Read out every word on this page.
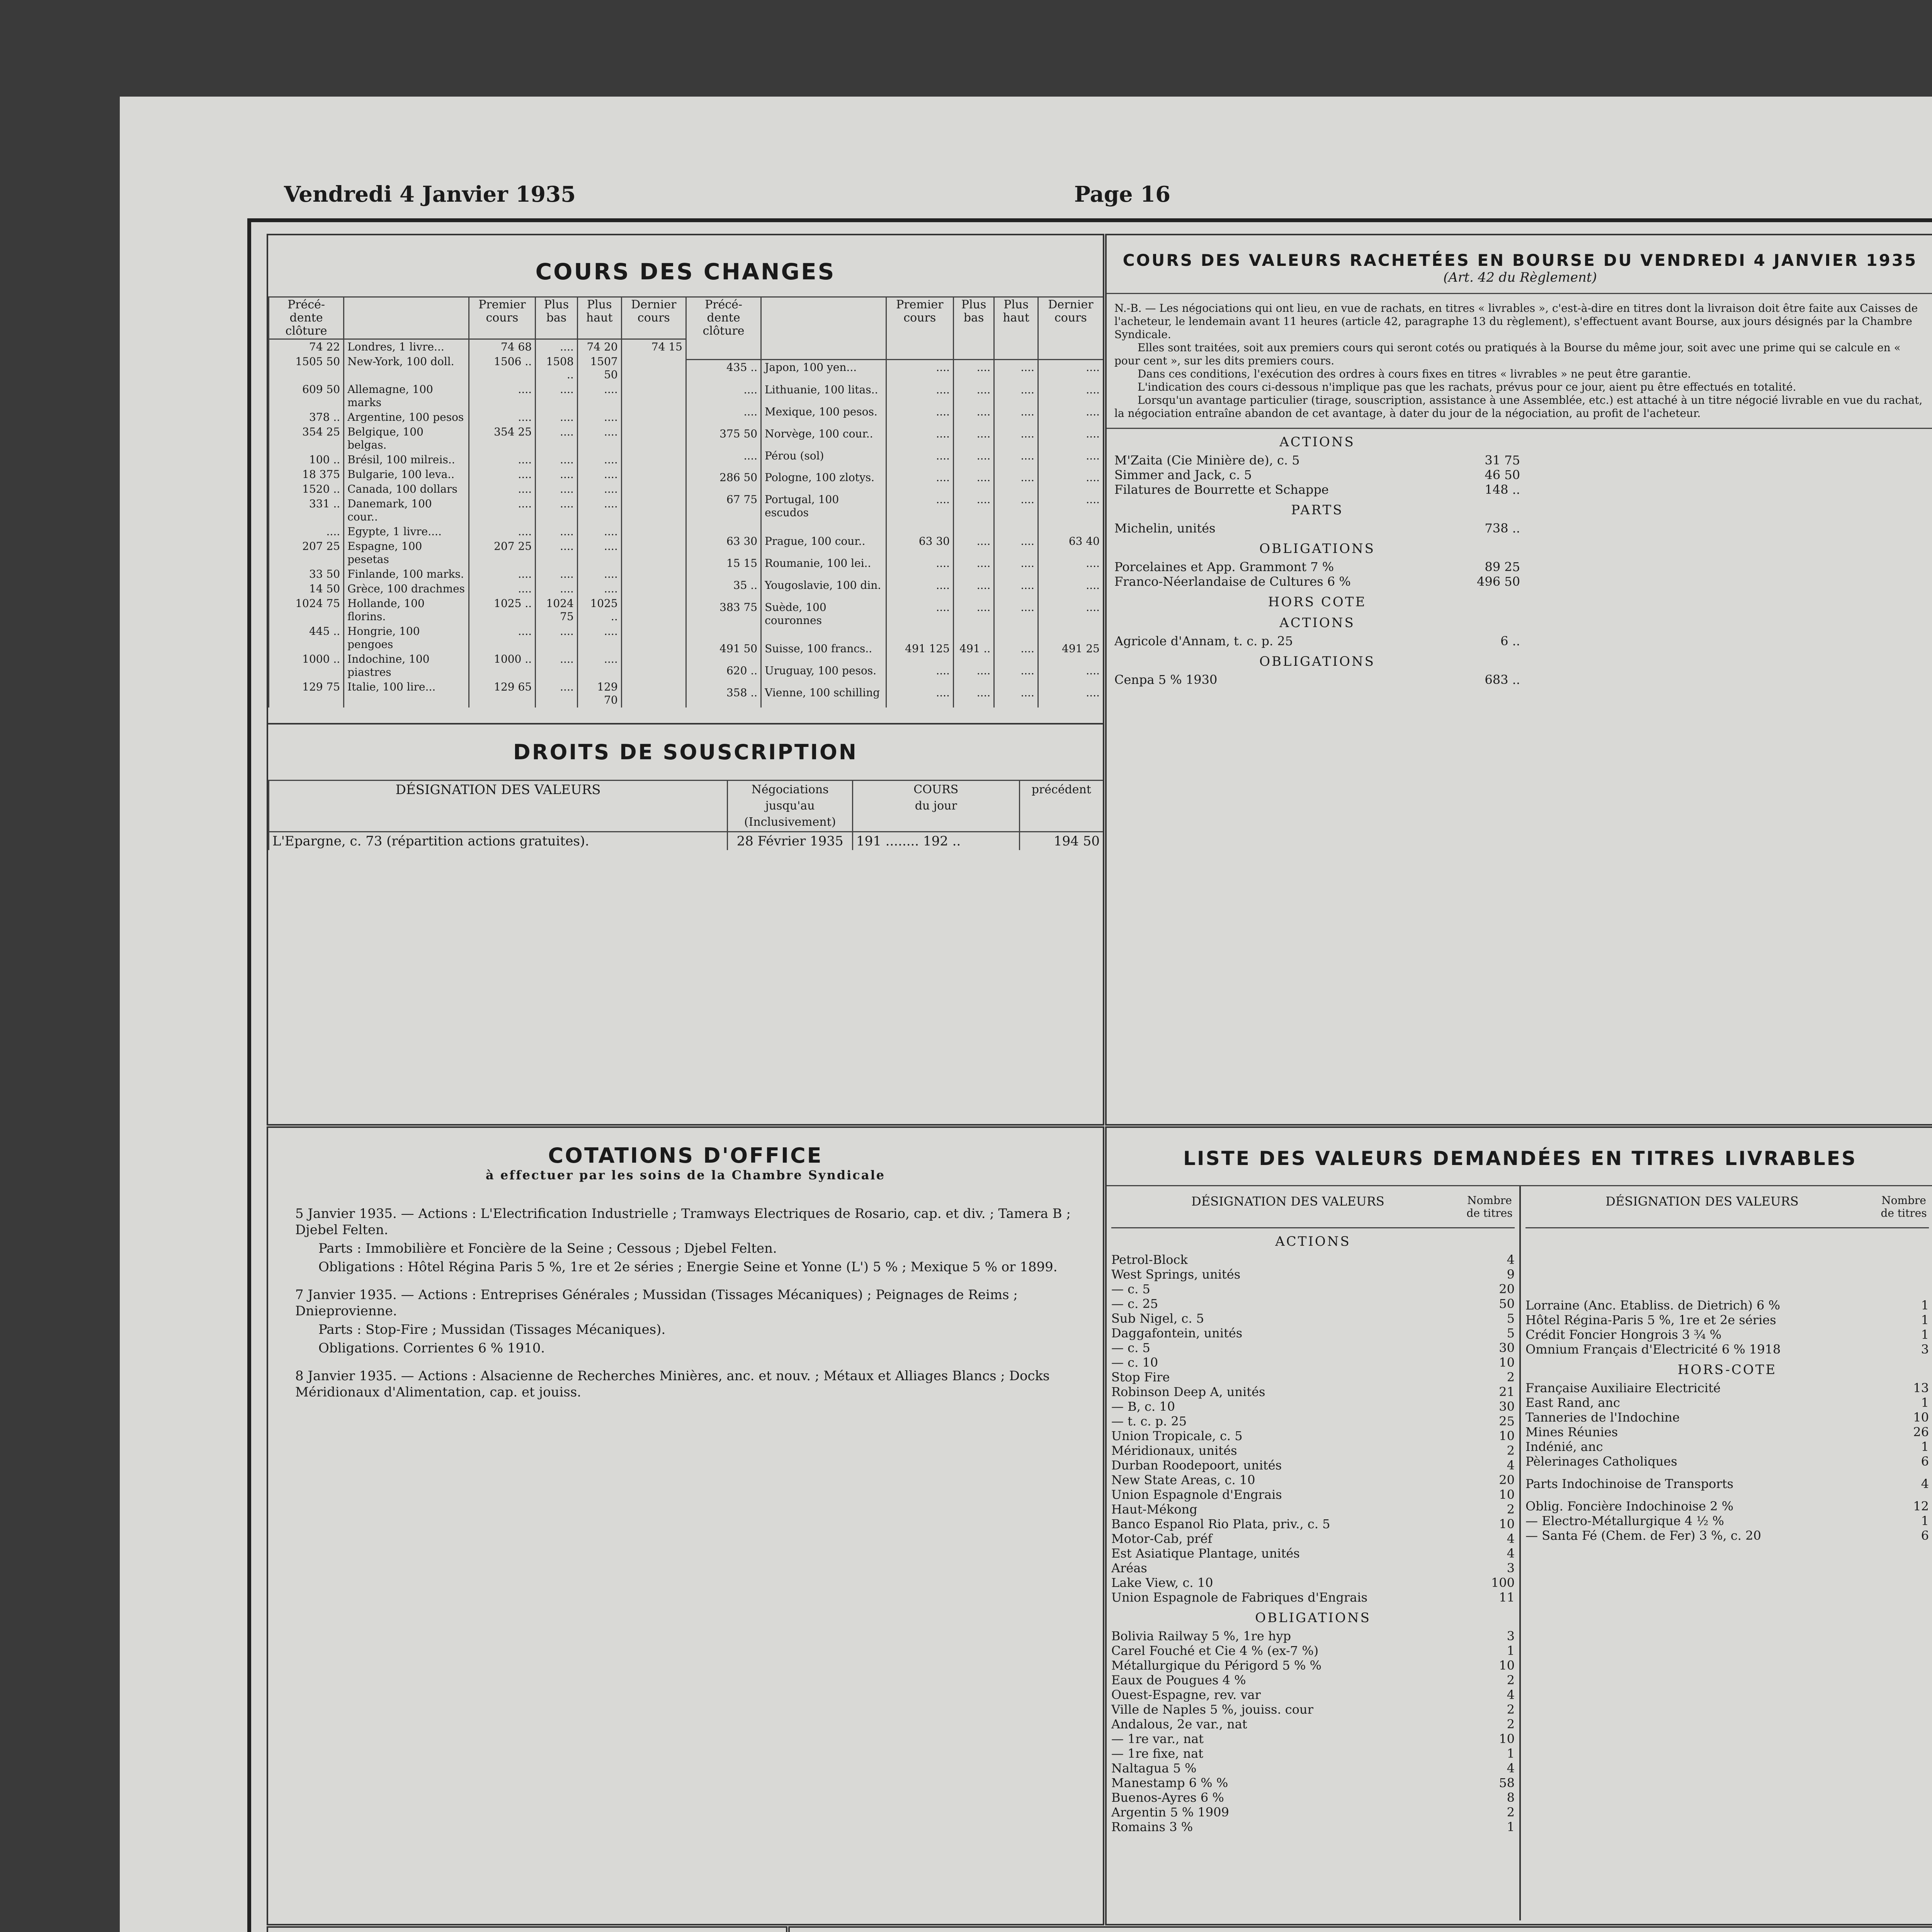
Vendredi 4 Janvier 1935	Page 16
COURS DES CHANGES
Précé-dente clôture		Premier cours	Plus bas	Plus haut	Dernier cours
74 22	Londres, 1 livre...	74 68	....	74 20	74 15
1505 50	New-York, 100 doll.	1506 ..	1508 ..	1507 50	
609 50	Allemagne, 100 marks	....	....	....	
378 ..	Argentine, 100 pesos	....	....	....	
354 25	Belgique, 100 belgas.	354 25	....	....	
100 ..	Brésil, 100 milreis..	....	....	....	
18 375	Bulgarie, 100 leva..	....	....	....	
1520 ..	Canada, 100 dollars	....	....	....	
331 ..	Danemark, 100 cour..	....	....	....	
....	Egypte, 1 livre....	....	....	....	
207 25	Espagne, 100 pesetas	207 25	....	....	
33 50	Finlande, 100 marks.	....	....	....	
14 50	Grèce, 100 drachmes	....	....	....	
1024 75	Hollande, 100 florins.	1025 ..	1024 75	1025 ..	
445 ..	Hongrie, 100 pengoes	....	....	....	
1000 ..	Indochine, 100 piastres	1000 ..	....	....	
129 75	Italie, 100 lire...	129 65	....	129 70	
Précé-dente clôture		Premier cours	Plus bas	Plus haut	Dernier cours
435 ..	Japon, 100 yen...	....	....	....	....
....	Lithuanie, 100 litas..	....	....	....	....
....	Mexique, 100 pesos.	....	....	....	....
375 50	Norvège, 100 cour..	....	....	....	....
....	Pérou (sol)	....	....	....	....
286 50	Pologne, 100 zlotys.	....	....	....	....
67 75	Portugal, 100 escudos	....	....	....	....
63 30	Prague, 100 cour..	63 30	....	....	63 40
15 15	Roumanie, 100 lei..	....	....	....	....
35 ..	Yougoslavie, 100 din.	....	....	....	....
383 75	Suède, 100 couronnes	....	....	....	....
491 50	Suisse, 100 francs..	491 125	491 ..	....	491 25
620 ..	Uruguay, 100 pesos.	....	....	....	....
358 ..	Vienne, 100 schilling	....	....	....	....
DROITS DE SOUSCRIPTION
DÉSIGNATION DES VALEURS	Négociations jusqu'au (Inclusivement)	COURS
du jour	précédent
L'Epargne, c. 73 (répartition actions gratuites).	28 Février 1935	191 ........ 192 ..	194 50
COURS DES VALEURS RACHETÉES EN BOURSE DU VENDREDI 4 JANVIER 1935
(Art. 42 du Règlement)
N.-B. — Les négociations qui ont lieu, en vue de rachats, en titres « livrables », c'est-à-dire en titres dont la livraison doit être faite aux Caisses de l'acheteur, le lendemain avant 11 heures (article 42, paragraphe 13 du règlement), s'effectuent avant Bourse, aux jours désignés par la Chambre Syndicale.
Elles sont traitées, soit aux premiers cours qui seront cotés ou pratiqués à la Bourse du même jour, soit avec une prime qui se calcule en « pour cent », sur les dits premiers cours.
Dans ces conditions, l'exécution des ordres à cours fixes en titres « livrables » ne peut être garantie.
L'indication des cours ci-dessous n'implique pas que les rachats, prévus pour ce jour, aient pu être effectués en totalité.
Lorsqu'un avantage particulier (tirage, souscription, assistance à une Assemblée, etc.) est attaché à un titre négocié livrable en vue du rachat, la négociation entraîne abandon de cet avantage, à dater du jour de la négociation, au profit de l'acheteur.
ACTIONS
M'Zaita (Cie Minière de), c. 5	31 75
Simmer and Jack, c. 5	46 50
Filatures de Bourrette et Schappe	148 ..
PARTS
Michelin, unités	738 ..
OBLIGATIONS
Porcelaines et App. Grammont 7 %	89 25
Franco-Néerlandaise de Cultures 6 %	496 50
HORS COTE
ACTIONS
Agricole d'Annam, t. c. p. 25	6 ..
OBLIGATIONS
Cenpa 5 % 1930	683 ..
COTATIONS D'OFFICE
à effectuer par les soins de la Chambre Syndicale

5 Janvier 1935. — Actions : L'Electrification Industrielle ; Tramways Electriques de Rosario, cap. et div. ; Tamera B ; Djebel Felten.

Parts : Immobilière et Foncière de la Seine ; Cessous ; Djebel Felten.

Obligations : Hôtel Régina Paris 5 %, 1re et 2e séries ; Energie Seine et Yonne (L') 5 % ; Mexique 5 % or 1899.

7 Janvier 1935. — Actions : Entreprises Générales ; Mussidan (Tissages Mécaniques) ; Peignages de Reims ; Dnieprovienne.

Parts : Stop-Fire ; Mussidan (Tissages Mécaniques).

Obligations. Corrientes 6 % 1910.

8 Janvier 1935. — Actions : Alsacienne de Recherches Minières, anc. et nouv. ; Métaux et Alliages Blancs ; Docks Méridionaux d'Alimentation, cap. et jouiss.

LISTE DES VALEURS DEMANDÉES EN TITRES LIVRABLES
DÉSIGNATION DES VALEURS	Nombre de titres
ACTIONS
Petrol-Block	4
West Springs, unités	9
— c. 5	20
— c. 25	50
Sub Nigel, c. 5	5
Daggafontein, unités	5
— c. 5	30
— c. 10	10
Stop Fire	2
Robinson Deep A, unités	21
— B, c. 10	30
— t. c. p. 25	25
Union Tropicale, c. 5	10
Méridionaux, unités	2
Durban Roodepoort, unités	4
New State Areas, c. 10	20
Union Espagnole d'Engrais	10
Haut-Mékong	2
Banco Espanol Rio Plata, priv., c. 5	10
Motor-Cab, préf	4
Est Asiatique Plantage, unités	4
Aréas	3
Lake View, c. 10	100
Union Espagnole de Fabriques d'Engrais	11
OBLIGATIONS
Bolivia Railway 5 %, 1re hyp	3
Carel Fouché et Cie 4 % (ex-7 %)	1
Métallurgique du Périgord 5 % %	10
Eaux de Pougues 4 %	2
Ouest-Espagne, rev. var	4
Ville de Naples 5 %, jouiss. cour	2
Andalous, 2e var., nat	2
— 1re var., nat	10
— 1re fixe, nat	1
Naltagua 5 %	4
Manestamp 6 % %	58
Buenos-Ayres 6 %	8
Argentin 5 % 1909	2
Romains 3 %	1
DÉSIGNATION DES VALEURS	Nombre de titres
Lorraine (Anc. Etabliss. de Dietrich) 6 %	1
Hôtel Régina-Paris 5 %, 1re et 2e séries	1
Crédit Foncier Hongrois 3 ¾ %	1
Omnium Français d'Electricité 6 % 1918	3
HORS-COTE
Française Auxiliaire Electricité	13
East Rand, anc	1
Tanneries de l'Indochine	10
Mines Réunies	26
Indénié, anc	1
Pèlerinages Catholiques	6
Parts Indochinoise de Transports	4
Oblig. Foncière Indochinoise 2 %	12
— Electro-Métallurgique 4 ½ %	1
— Santa Fé (Chem. de Fer) 3 %, c. 20	6
